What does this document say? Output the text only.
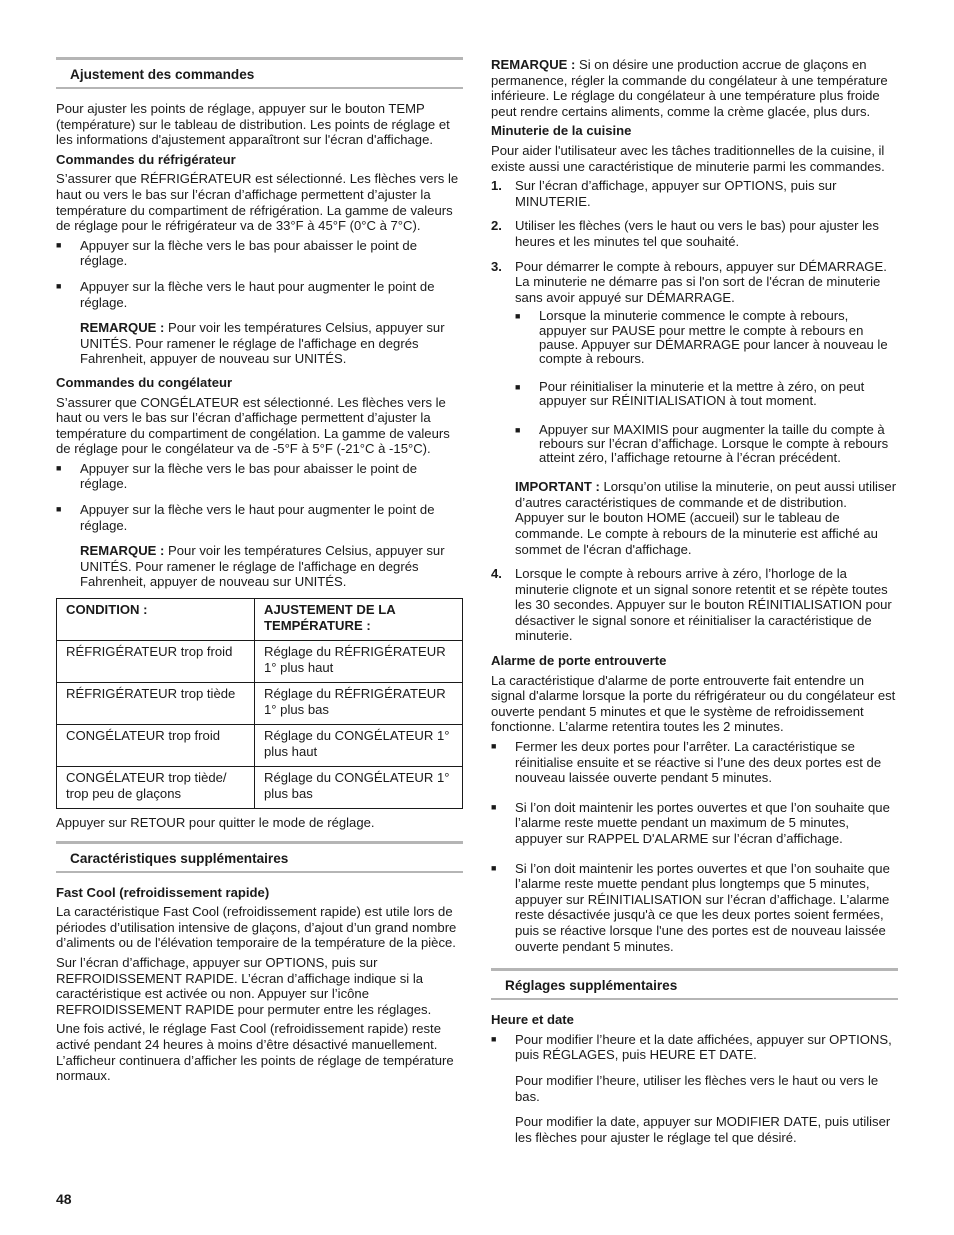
Ajustement des commandes

Pour ajuster les points de réglage, appuyer sur le bouton TEMP (température) sur le tableau de distribution. Les points de réglage et les informations d'ajustement apparaîtront sur l'écran d'affichage.

Commandes du réfrigérateur

S’assurer que RÉFRIGÉRATEUR est sélectionné. Les flèches vers le haut ou vers le bas sur l’écran d’affichage permettent d’ajuster la température du compartiment de réfrigération. La gamme de valeurs de réglage pour le réfrigérateur va de 33°F à 45°F (0°C à 7°C).

■	Appuyer sur la flèche vers le bas pour abaisser le point de réglage.

■	Appuyer sur la flèche vers le haut pour augmenter le point de réglage.

REMARQUE : Pour voir les températures Celsius, appuyer sur UNITÉS. Pour ramener le réglage de l'affichage en degrés Fahrenheit, appuyer de nouveau sur UNITÉS.

Commandes du congélateur

S’assurer que CONGÉLATEUR est sélectionné. Les flèches vers le haut ou vers le bas sur l’écran d’affichage permettent d’ajuster la température du compartiment de congélation. La gamme de valeurs de réglage pour le congélateur va de -5°F à 5°F (-21°C à -15°C).

■	Appuyer sur la flèche vers le bas pour abaisser le point de réglage.

■	Appuyer sur la flèche vers le haut pour augmenter le point de réglage.

REMARQUE : Pour voir les températures Celsius, appuyer sur UNITÉS. Pour ramener le réglage de l'affichage en degrés Fahrenheit, appuyer de nouveau sur UNITÉS.

CONDITION :	AJUSTEMENT DE LA TEMPÉRATURE :
RÉFRIGÉRATEUR trop froid	Réglage du RÉFRIGÉRATEUR 1° plus haut
RÉFRIGÉRATEUR trop tiède	Réglage du RÉFRIGÉRATEUR 1° plus bas
CONGÉLATEUR trop froid	Réglage du CONGÉLATEUR 1° plus haut
CONGÉLATEUR trop tiède/ trop peu de glaçons	Réglage du CONGÉLATEUR 1° plus bas

Appuyer sur RETOUR pour quitter le mode de réglage.

Caractéristiques supplémentaires
Fast Cool (refroidissement rapide)

La caractéristique Fast Cool (refroidissement rapide) est utile lors de périodes d’utilisation intensive de glaçons, d’ajout d’un grand nombre d’aliments ou de l'élévation temporaire de la température de la pièce.

Sur l’écran d’affichage, appuyer sur OPTIONS, puis sur REFROIDISSEMENT RAPIDE. L’écran d’affichage indique si la caractéristique est activée ou non. Appuyer sur l’icône REFROIDISSEMENT RAPIDE pour permuter entre les réglages.

Une fois activé, le réglage Fast Cool (refroidissement rapide) reste activé pendant 24 heures à moins d’être désactivé manuellement. L’afficheur continuera d’afficher les points de réglage de température normaux.

REMARQUE : Si on désire une production accrue de glaçons en permanence, régler la commande du congélateur à une température inférieure. Le réglage du congélateur à une température plus froide peut rendre certains aliments, comme la crème glacée, plus durs.

Minuterie de la cuisine

Pour aider l'utilisateur avec les tâches traditionnelles de la cuisine, il existe aussi une caractéristique de minuterie parmi les commandes.

1. Sur l’écran d’affichage, appuyer sur OPTIONS, puis sur MINUTERIE.

2. Utiliser les flèches (vers le haut ou vers le bas) pour ajuster les heures et les minutes tel que souhaité.

3. Pour démarrer le compte à rebours, appuyer sur DÉMARRAGE. La minuterie ne démarre pas si l'on sort de l'écran de minuterie sans avoir appuyé sur DÉMARRAGE.

■	Lorsque la minuterie commence le compte à rebours, appuyer sur PAUSE pour mettre le compte à rebours en pause. Appuyer sur DÉMARRAGE pour lancer à nouveau le compte à rebours.

■	Pour réinitialiser la minuterie et la mettre à zéro, on peut appuyer sur RÉINITIALISATION à tout moment.

■	Appuyer sur MAXIMIS pour augmenter la taille du compte à rebours sur l’écran d’affichage. Lorsque le compte à rebours atteint zéro, l’affichage retourne à l’écran précédent.

IMPORTANT : Lorsqu’on utilise la minuterie, on peut aussi utiliser d’autres caractéristiques de commande et de distribution. Appuyer sur le bouton HOME (accueil) sur le tableau de commande. Le compte à rebours de la minuterie est affiché au sommet de l'écran d'affichage.

4. Lorsque le compte à rebours arrive à zéro, l’horloge de la minuterie clignote et un signal sonore retentit et se répète toutes les 30 secondes. Appuyer sur le bouton RÉINITIALISATION pour désactiver le signal sonore et réinitialiser la caractéristique de minuterie.

Alarme de porte entrouverte

La caractéristique d'alarme de porte entrouverte fait entendre un signal d'alarme lorsque la porte du réfrigérateur ou du congélateur est ouverte pendant 5 minutes et que le système de refroidissement fonctionne. L’alarme retentira toutes les 2 minutes.

■	Fermer les deux portes pour l’arrêter. La caractéristique se réinitialise ensuite et se réactive si l’une des deux portes est de nouveau laissée ouverte pendant 5 minutes.

■	Si l’on doit maintenir les portes ouvertes et que l’on souhaite que l’alarme reste muette pendant un maximum de 5 minutes, appuyer sur RAPPEL D'ALARME sur l’écran d’affichage.

■	Si l’on doit maintenir les portes ouvertes et que l’on souhaite que l’alarme reste muette pendant plus longtemps que 5 minutes, appuyer sur RÉINITIALISATION sur l’écran d’affichage. L’alarme reste désactivée jusqu'à ce que les deux portes soient fermées, puis se réactive lorsque l'une des portes est de nouveau laissée ouverte pendant 5 minutes.

Réglages supplémentaires
Heure et date
■	Pour modifier l’heure et la date affichées, appuyer sur OPTIONS, puis RÉGLAGES, puis HEURE ET DATE.

Pour modifier l’heure, utiliser les flèches vers le haut ou vers le bas.

Pour modifier la date, appuyer sur MODIFIER DATE, puis utiliser les flèches pour ajuster le réglage tel que désiré.

48
